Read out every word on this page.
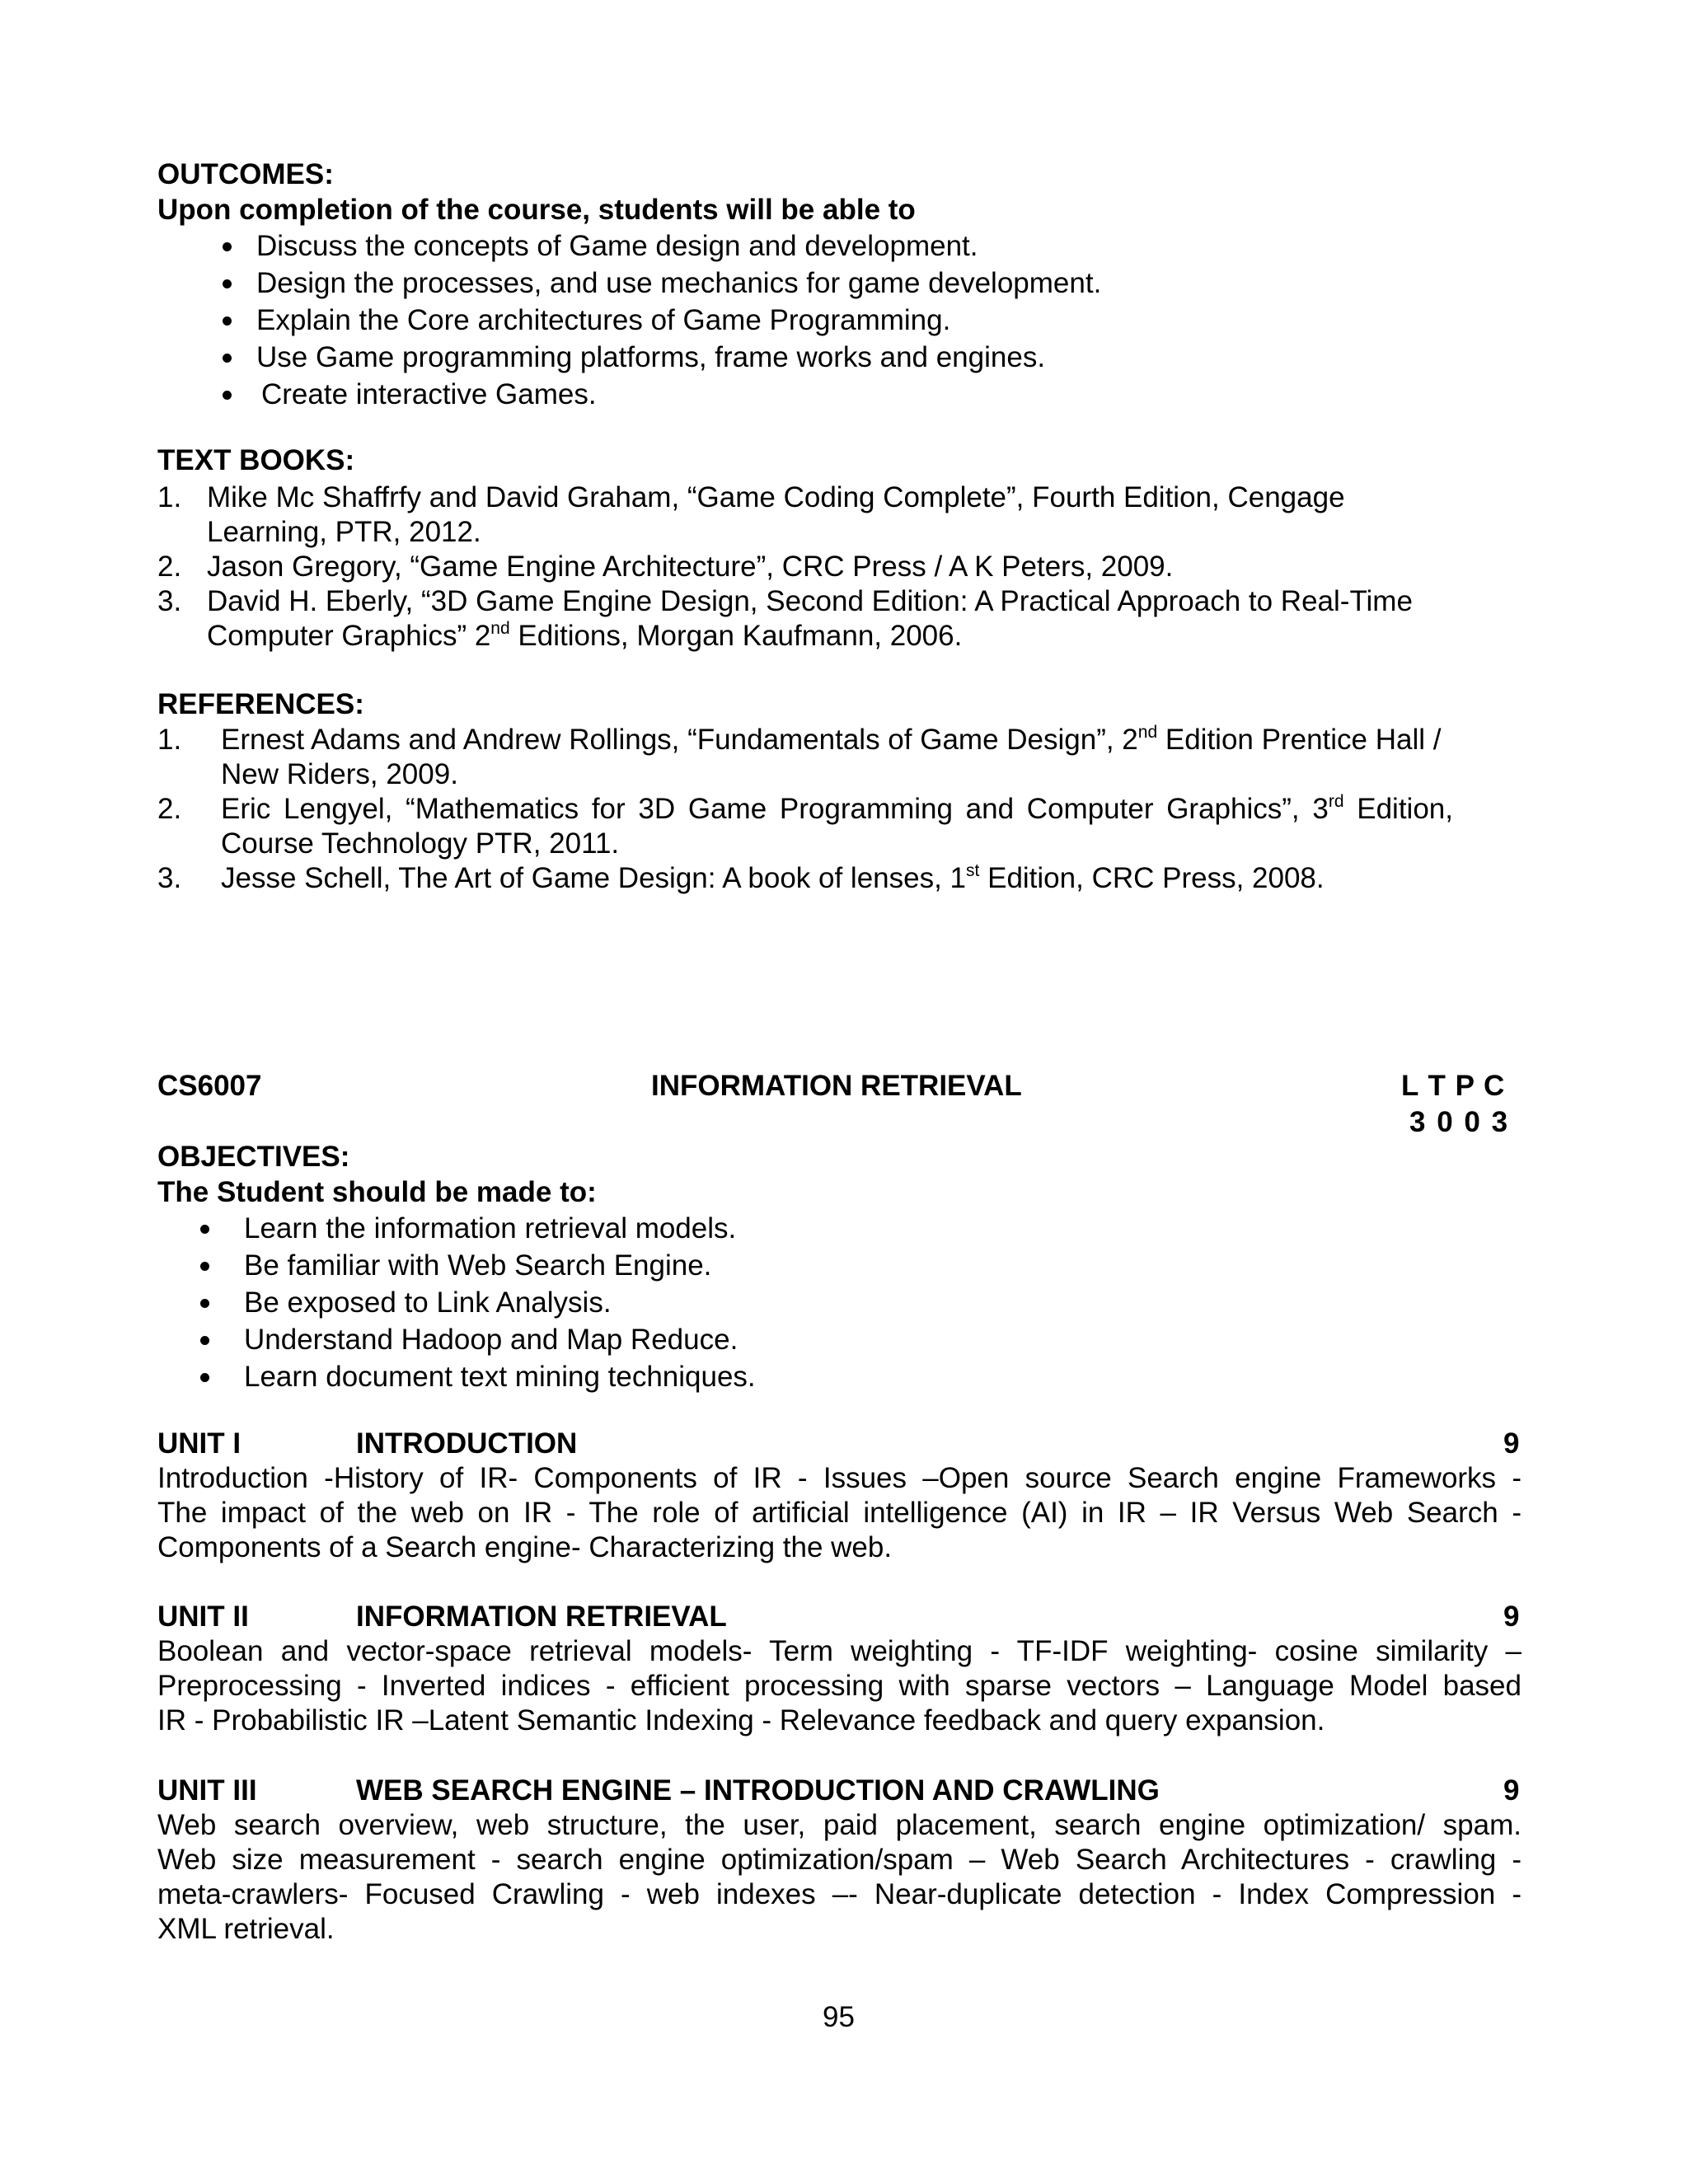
OUTCOMES:
Upon completion of the course, students will be able to
Discuss the concepts of Game design and development.
Design the processes, and use mechanics for game development.
Explain the Core architectures of Game Programming.
Use Game programming platforms, frame works and engines.
Create interactive Games.
TEXT BOOKS:
1. Mike Mc Shaffrfy and David Graham, “Game Coding Complete”, Fourth Edition, Cengage
Learning, PTR, 2012.
2. Jason Gregory, “Game Engine Architecture”, CRC Press / A K Peters, 2009.
3. David H. Eberly, “3D Game Engine Design, Second Edition: A Practical Approach to Real-Time
Computer Graphics” 2nd Editions, Morgan Kaufmann, 2006.
REFERENCES:
1. Ernest Adams and Andrew Rollings, “Fundamentals of Game Design”, 2nd Edition Prentice Hall /
New Riders, 2009.
2. Eric Lengyel, “Mathematics for 3D Game Programming and Computer Graphics”, 3rd Edition,
Course Technology PTR, 2011.
3. Jesse Schell, The Art of Game Design: A book of lenses, 1st Edition, CRC Press, 2008.
CS6007	INFORMATION RETRIEVAL	L T P C
3 0 0 3
OBJECTIVES:
The Student should be made to:
Learn the information retrieval models.
Be familiar with Web Search Engine.
Be exposed to Link Analysis.
Understand Hadoop and Map Reduce.
Learn document text mining techniques.
UNIT I	INTRODUCTION	9
Introduction -History of IR- Components of IR - Issues –Open source Search engine Frameworks -
The impact of the web on IR - The role of artificial intelligence (AI) in IR – IR Versus Web Search -
Components of a Search engine- Characterizing the web.
UNIT II	INFORMATION RETRIEVAL	9
Boolean and vector-space retrieval models- Term weighting - TF-IDF weighting- cosine similarity –
Preprocessing - Inverted indices - efficient processing with sparse vectors – Language Model based
IR - Probabilistic IR –Latent Semantic Indexing - Relevance feedback and query expansion.
UNIT III	WEB SEARCH ENGINE – INTRODUCTION AND CRAWLING	9
Web search overview, web structure, the user, paid placement, search engine optimization/ spam.
Web size measurement - search engine optimization/spam – Web Search Architectures - crawling -
meta-crawlers- Focused Crawling - web indexes –- Near-duplicate detection - Index Compression -
XML retrieval.
95
